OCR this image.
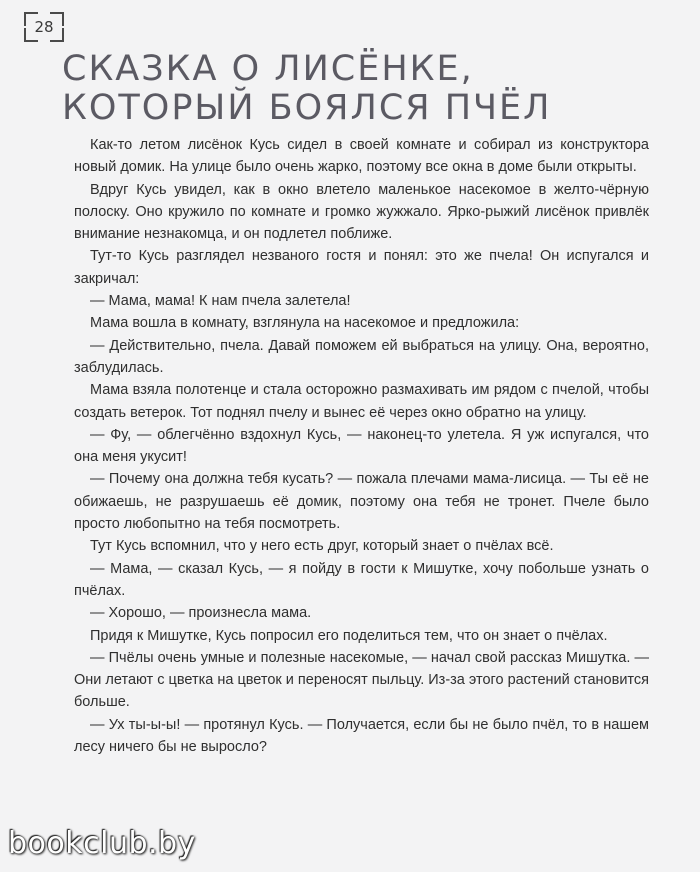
28
СКАЗКА О ЛИСЁНКЕ,
КОТОРЫЙ БОЯЛСЯ ПЧЁЛ

Как-то летом лисёнок Кусь сидел в своей комнате и собирал из конструктора новый домик. На улице было очень жарко, поэтому все окна в доме были открыты.

Вдруг Кусь увидел, как в окно влетело маленькое насекомое в желто-чёрную полоску. Оно кружило по комнате и громко жужжало. Ярко-рыжий лисёнок привлёк внимание незнакомца, и он подлетел поближе.

Тут-то Кусь разглядел незваного гостя и понял: это же пчела! Он испугался и закричал:

— Мама, мама! К нам пчела залетела!

Мама вошла в комнату, взглянула на насекомое и предложила:

— Действительно, пчела. Давай поможем ей выбраться на улицу. Она, вероятно, заблудилась.

Мама взяла полотенце и стала осторожно размахивать им рядом с пчелой, чтобы создать ветерок. Тот поднял пчелу и вынес её через окно обратно на улицу.

— Фу, — облегчённо вздохнул Кусь, — наконец-то улетела. Я уж испугался, что она меня укусит!

— Почему она должна тебя кусать? — пожала плечами мама-лисица. — Ты её не обижаешь, не разрушаешь её домик, поэтому она тебя не тронет. Пчеле было просто любопытно на тебя посмотреть.

Тут Кусь вспомнил, что у него есть друг, который знает о пчёлах всё.

— Мама, — сказал Кусь, — я пойду в гости к Мишутке, хочу побольше узнать о пчёлах.

— Хорошо, — произнесла мама.

Придя к Мишутке, Кусь попросил его поделиться тем, что он знает о пчёлах.

— Пчёлы очень умные и полезные насекомые, — начал свой рассказ Мишутка. — Они летают с цветка на цветок и переносят пыльцу. Из-за этого растений становится больше.

— Ух ты-ы-ы! — протянул Кусь. — Получается, если бы не было пчёл, то в нашем лесу ничего бы не выросло?

bookclub.by
